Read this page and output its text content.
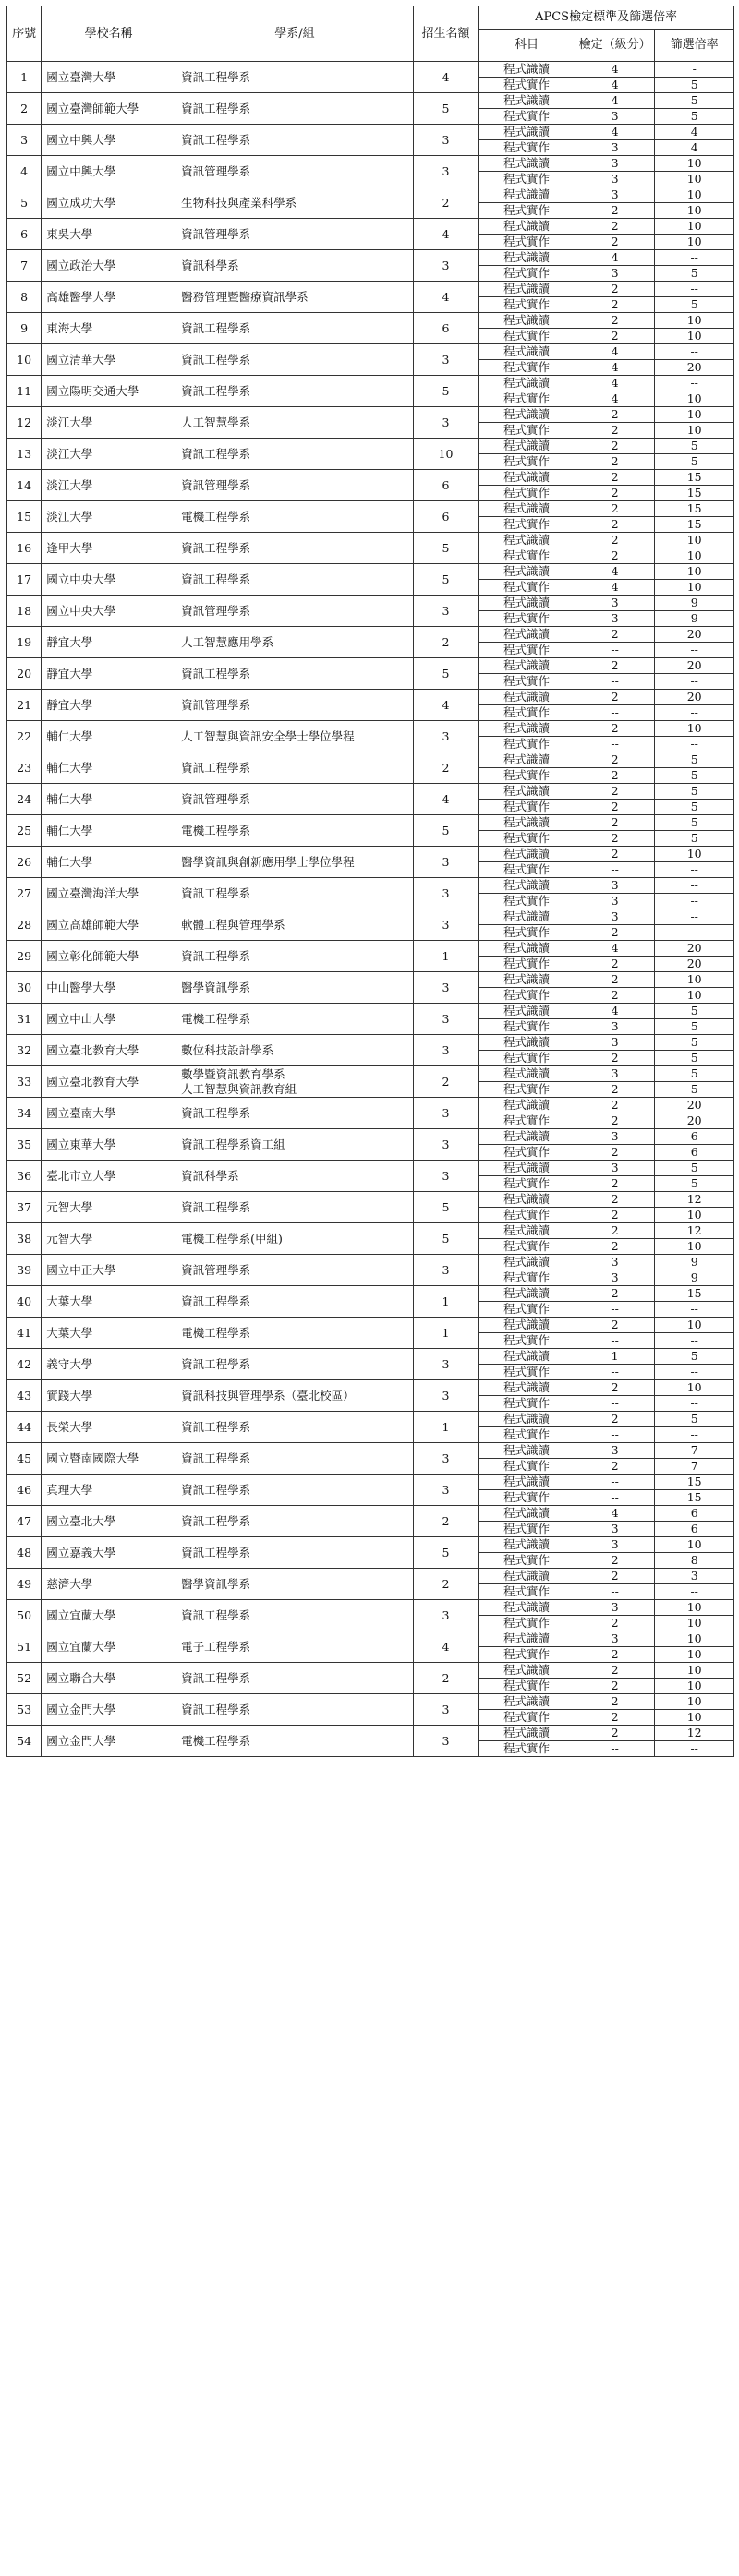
序號	學校名稱	學系/組	招生名額	APCS檢定標準及篩選倍率		
				科目	檢定（級分）	篩選倍率
1	國立臺灣大學	資訊工程學系	4	程式識讀	4	-
				程式實作	4	5
2	國立臺灣師範大學	資訊工程學系	5	程式識讀	4	5
				程式實作	3	5
3	國立中興大學	資訊工程學系	3	程式識讀	4	4
				程式實作	3	4
4	國立中興大學	資訊管理學系	3	程式識讀	3	10
				程式實作	3	10
5	國立成功大學	生物科技與產業科學系	2	程式識讀	3	10
				程式實作	2	10
6	東吳大學	資訊管理學系	4	程式識讀	2	10
				程式實作	2	10
7	國立政治大學	資訊科學系	3	程式識讀	4	--
				程式實作	3	5
8	高雄醫學大學	醫務管理暨醫療資訊學系	4	程式識讀	2	--
				程式實作	2	5
9	東海大學	資訊工程學系	6	程式識讀	2	10
				程式實作	2	10
10	國立清華大學	資訊工程學系	3	程式識讀	4	--
				程式實作	4	20
11	國立陽明交通大學	資訊工程學系	5	程式識讀	4	--
				程式實作	4	10
12	淡江大學	人工智慧學系	3	程式識讀	2	10
				程式實作	2	10
13	淡江大學	資訊工程學系	10	程式識讀	2	5
				程式實作	2	5
14	淡江大學	資訊管理學系	6	程式識讀	2	15
				程式實作	2	15
15	淡江大學	電機工程學系	6	程式識讀	2	15
				程式實作	2	15
16	逢甲大學	資訊工程學系	5	程式識讀	2	10
				程式實作	2	10
17	國立中央大學	資訊工程學系	5	程式識讀	4	10
				程式實作	4	10
18	國立中央大學	資訊管理學系	3	程式識讀	3	9
				程式實作	3	9
19	靜宜大學	人工智慧應用學系	2	程式識讀	2	20
				程式實作	--	--
20	靜宜大學	資訊工程學系	5	程式識讀	2	20
				程式實作	--	--
21	靜宜大學	資訊管理學系	4	程式識讀	2	20
				程式實作	--	--
22	輔仁大學	人工智慧與資訊安全學士學位學程	3	程式識讀	2	10
				程式實作	--	--
23	輔仁大學	資訊工程學系	2	程式識讀	2	5
				程式實作	2	5
24	輔仁大學	資訊管理學系	4	程式識讀	2	5
				程式實作	2	5
25	輔仁大學	電機工程學系	5	程式識讀	2	5
				程式實作	2	5
26	輔仁大學	醫學資訊與創新應用學士學位學程	3	程式識讀	2	10
				程式實作	--	--
27	國立臺灣海洋大學	資訊工程學系	3	程式識讀	3	--
				程式實作	3	--
28	國立高雄師範大學	軟體工程與管理學系	3	程式識讀	3	--
				程式實作	2	--
29	國立彰化師範大學	資訊工程學系	1	程式識讀	4	20
				程式實作	2	20
30	中山醫學大學	醫學資訊學系	3	程式識讀	2	10
				程式實作	2	10
31	國立中山大學	電機工程學系	3	程式識讀	4	5
				程式實作	3	5
32	國立臺北教育大學	數位科技設計學系	3	程式識讀	3	5
				程式實作	2	5
33	國立臺北教育大學	數學暨資訊教育學系
人工智慧與資訊教育組	2	程式識讀	3	5
				程式實作	2	5
34	國立臺南大學	資訊工程學系	3	程式識讀	2	20
				程式實作	2	20
35	國立東華大學	資訊工程學系資工組	3	程式識讀	3	6
				程式實作	2	6
36	臺北市立大學	資訊科學系	3	程式識讀	3	5
				程式實作	2	5
37	元智大學	資訊工程學系	5	程式識讀	2	12
				程式實作	2	10
38	元智大學	電機工程學系(甲組)	5	程式識讀	2	12
				程式實作	2	10
39	國立中正大學	資訊管理學系	3	程式識讀	3	9
				程式實作	3	9
40	大葉大學	資訊工程學系	1	程式識讀	2	15
				程式實作	--	--
41	大葉大學	電機工程學系	1	程式識讀	2	10
				程式實作	--	--
42	義守大學	資訊工程學系	3	程式識讀	1	5
				程式實作	--	--
43	實踐大學	資訊科技與管理學系（臺北校區）	3	程式識讀	2	10
				程式實作	--	--
44	長榮大學	資訊工程學系	1	程式識讀	2	5
				程式實作	--	--
45	國立暨南國際大學	資訊工程學系	3	程式識讀	3	7
				程式實作	2	7
46	真理大學	資訊工程學系	3	程式識讀	--	15
				程式實作	--	15
47	國立臺北大學	資訊工程學系	2	程式識讀	4	6
				程式實作	3	6
48	國立嘉義大學	資訊工程學系	5	程式識讀	3	10
				程式實作	2	8
49	慈濟大學	醫學資訊學系	2	程式識讀	2	3
				程式實作	--	--
50	國立宜蘭大學	資訊工程學系	3	程式識讀	3	10
				程式實作	2	10
51	國立宜蘭大學	電子工程學系	4	程式識讀	3	10
				程式實作	2	10
52	國立聯合大學	資訊工程學系	2	程式識讀	2	10
				程式實作	2	10
53	國立金門大學	資訊工程學系	3	程式識讀	2	10
				程式實作	2	10
54	國立金門大學	電機工程學系	3	程式識讀	2	12
				程式實作	--	--
